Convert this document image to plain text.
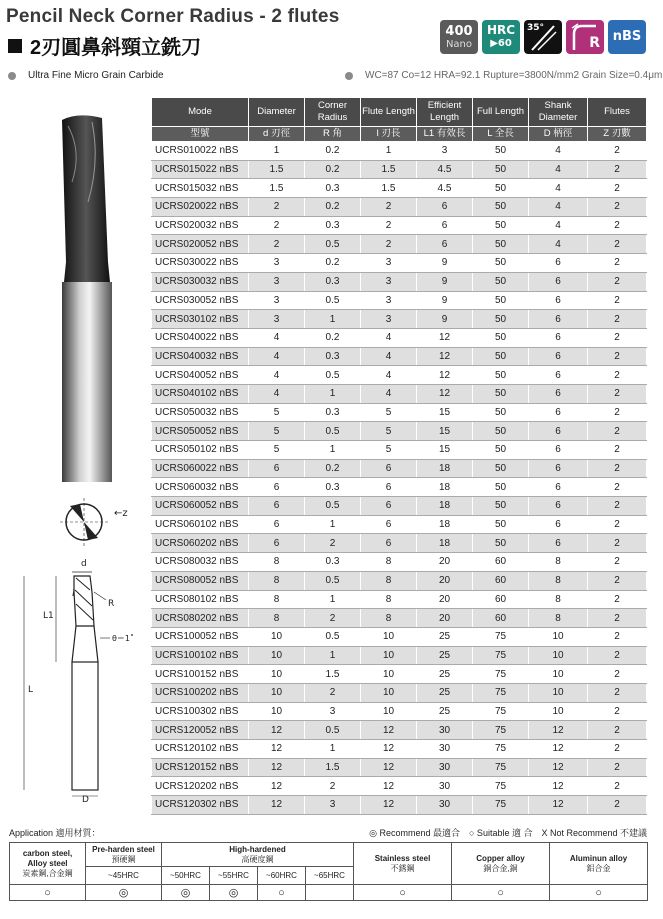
Pencil Neck Corner Radius - 2 flutes
2刃圓鼻斜頸立銑刀
400
Nano
HRC
▶60
35°
R nBS
Ultra Fine Micro Grain Carbide	WC=87 Co=12 HRA=92.1 Rupture=3800N/mm2 Grain Size=0.4μm
←z
d
l
R
L1
θ＝1˚
L
D
Mode	Diameter	Corner Radius	Flute Length	Efficient Length	Full Length	Shank Diameter	Flutes
型號	d 刃徑	R 角	l 刃長	L1 有效長	L 全長	D 柄徑	Z 刃數
UCRS010022 nBS	1	0.2	1	3	50	4	2
UCRS015022 nBS	1.5	0.2	1.5	4.5	50	4	2
UCRS015032 nBS	1.5	0.3	1.5	4.5	50	4	2
UCRS020022 nBS	2	0.2	2	6	50	4	2
UCRS020032 nBS	2	0.3	2	6	50	4	2
UCRS020052 nBS	2	0.5	2	6	50	4	2
UCRS030022 nBS	3	0.2	3	9	50	6	2
UCRS030032 nBS	3	0.3	3	9	50	6	2
UCRS030052 nBS	3	0.5	3	9	50	6	2
UCRS030102 nBS	3	1	3	9	50	6	2
UCRS040022 nBS	4	0.2	4	12	50	6	2
UCRS040032 nBS	4	0.3	4	12	50	6	2
UCRS040052 nBS	4	0.5	4	12	50	6	2
UCRS040102 nBS	4	1	4	12	50	6	2
UCRS050032 nBS	5	0.3	5	15	50	6	2
UCRS050052 nBS	5	0.5	5	15	50	6	2
UCRS050102 nBS	5	1	5	15	50	6	2
UCRS060022 nBS	6	0.2	6	18	50	6	2
UCRS060032 nBS	6	0.3	6	18	50	6	2
UCRS060052 nBS	6	0.5	6	18	50	6	2
UCRS060102 nBS	6	1	6	18	50	6	2
UCRS060202 nBS	6	2	6	18	50	6	2
UCRS080032 nBS	8	0.3	8	20	60	8	2
UCRS080052 nBS	8	0.5	8	20	60	8	2
UCRS080102 nBS	8	1	8	20	60	8	2
UCRS080202 nBS	8	2	8	20	60	8	2
UCRS100052 nBS	10	0.5	10	25	75	10	2
UCRS100102 nBS	10	1	10	25	75	10	2
UCRS100152 nBS	10	1.5	10	25	75	10	2
UCRS100202 nBS	10	2	10	25	75	10	2
UCRS100302 nBS	10	3	10	25	75	10	2
UCRS120052 nBS	12	0.5	12	30	75	12	2
UCRS120102 nBS	12	1	12	30	75	12	2
UCRS120152 nBS	12	1.5	12	30	75	12	2
UCRS120202 nBS	12	2	12	30	75	12	2
UCRS120302 nBS	12	3	12	30	75	12	2
Application 適用材質：	◎ Recommend 最適合　○ Suitable 適 合　X Not Recommend 不建議
carbon steel,
Alloy steel
炭素鋼,合金鋼	Pre-harden steel
預硬鋼	High-hardened
高硬度鋼				Stainless steel
不銹鋼	Copper alloy
銅合金,銅	Aluminun alloy
鋁合金
	~45HRC	~50HRC	~55HRC	~60HRC	~65HRC			
○	◎	◎	◎	○		○	○	○
